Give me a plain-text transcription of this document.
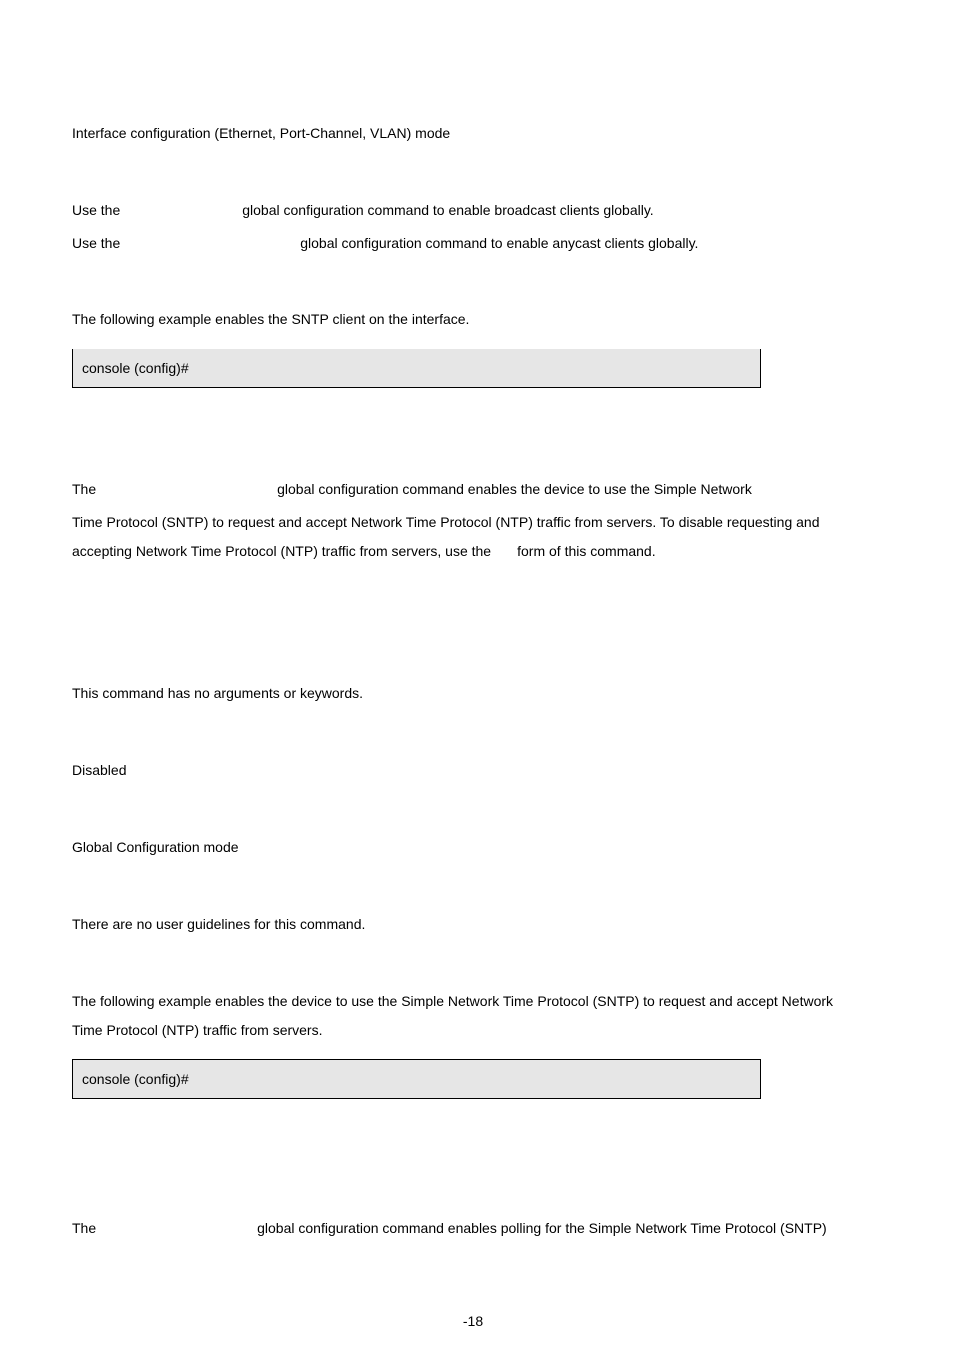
Interface configuration (Ethernet, Port-Channel, VLAN) mode

Use the	global configuration command to enable broadcast clients globally.

Use the	global configuration command to enable anycast clients globally.

The following example enables the SNTP client on the interface.

console (config)#

The	global configuration command enables the device to use the Simple Network

Time Protocol (SNTP) to request and accept Network Time Protocol (NTP) traffic from servers. To disable requesting and

accepting Network Time Protocol (NTP) traffic from servers, use the form of this command.

This command has no arguments or keywords.

Disabled

Global Configuration mode

There are no user guidelines for this command.

The following example enables the device to use the Simple Network Time Protocol (SNTP) to request and accept Network

Time Protocol (NTP) traffic from servers.

console (config)#

The	global configuration command enables polling for the Simple Network Time Protocol (SNTP)

-18
